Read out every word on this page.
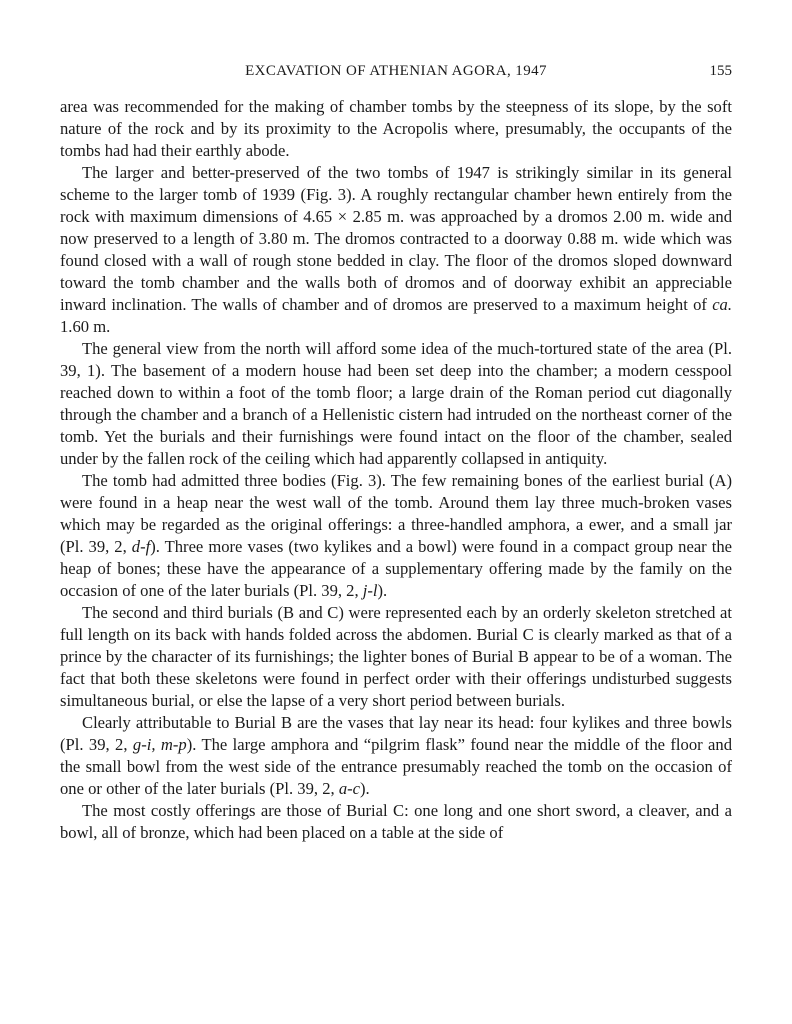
EXCAVATION OF ATHENIAN AGORA, 1947	155

area was recommended for the making of chamber tombs by the steepness of its slope, by the soft nature of the rock and by its proximity to the Acropolis where, presumably, the occupants of the tombs had had their earthly abode.

The larger and better-preserved of the two tombs of 1947 is strikingly similar in its general scheme to the larger tomb of 1939 (Fig. 3). A roughly rectangular chamber hewn entirely from the rock with maximum dimensions of 4.65 × 2.85 m. was approached by a dromos 2.00 m. wide and now preserved to a length of 3.80 m. The dromos contracted to a doorway 0.88 m. wide which was found closed with a wall of rough stone bedded in clay. The floor of the dromos sloped downward toward the tomb chamber and the walls both of dromos and of doorway exhibit an appreciable inward inclination. The walls of chamber and of dromos are preserved to a maximum height of ca. 1.60 m.

The general view from the north will afford some idea of the much-tortured state of the area (Pl. 39, 1). The basement of a modern house had been set deep into the chamber; a modern cesspool reached down to within a foot of the tomb floor; a large drain of the Roman period cut diagonally through the chamber and a branch of a Hellenistic cistern had intruded on the northeast corner of the tomb. Yet the burials and their furnishings were found intact on the floor of the chamber, sealed under by the fallen rock of the ceiling which had apparently collapsed in antiquity.

The tomb had admitted three bodies (Fig. 3). The few remaining bones of the earliest burial (A) were found in a heap near the west wall of the tomb. Around them lay three much-broken vases which may be regarded as the original offerings: a three-handled amphora, a ewer, and a small jar (Pl. 39, 2, d-f). Three more vases (two kylikes and a bowl) were found in a compact group near the heap of bones; these have the appearance of a supplementary offering made by the family on the occasion of one of the later burials (Pl. 39, 2, j-l).

The second and third burials (B and C) were represented each by an orderly skeleton stretched at full length on its back with hands folded across the abdomen. Burial C is clearly marked as that of a prince by the character of its furnishings; the lighter bones of Burial B appear to be of a woman. The fact that both these skeletons were found in perfect order with their offerings undisturbed suggests simultaneous burial, or else the lapse of a very short period between burials.

Clearly attributable to Burial B are the vases that lay near its head: four kylikes and three bowls (Pl. 39, 2, g-i, m-p). The large amphora and “pilgrim flask” found near the middle of the floor and the small bowl from the west side of the entrance presumably reached the tomb on the occasion of one or other of the later burials (Pl. 39, 2, a-c).

The most costly offerings are those of Burial C: one long and one short sword, a cleaver, and a bowl, all of bronze, which had been placed on a table at the side of
